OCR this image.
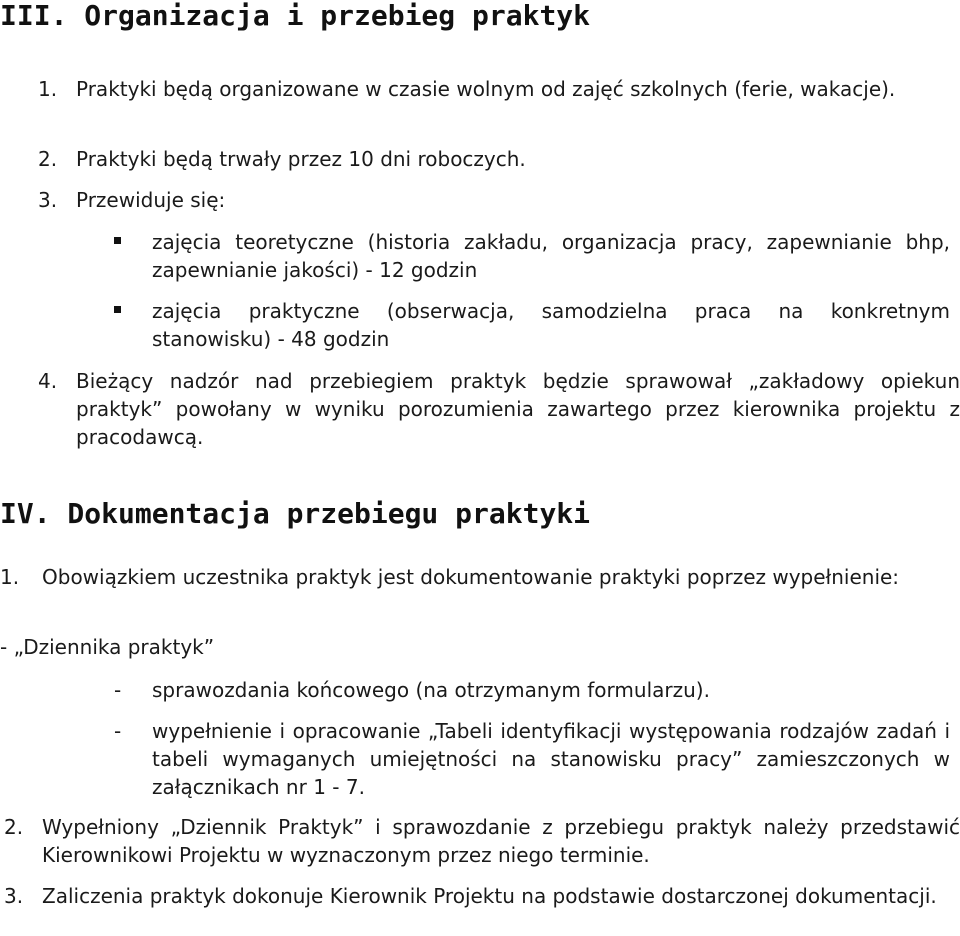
III. Organizacja i przebieg praktyk
1. Praktyki będą organizowane w czasie wolnym od zajęć szkolnych (ferie, wakacje).

2. Praktyki będą trwały przez 10 dni roboczych.

3. Przewiduje się:

zajęcia teoretyczne (historia zakładu, organizacja pracy, zapewnianie bhp, zapewnianie jakości) - 12 godzin

zajęcia praktyczne (obserwacja, samodzielna praca na konkretnym stanowisku) - 48 godzin

4. Bieżący nadzór nad przebiegiem praktyk będzie sprawował „zakładowy opiekun praktyk” powołany w wyniku porozumienia zawartego przez kierownika projektu z pracodawcą.

IV. Dokumentacja przebiegu praktyki
1. Obowiązkiem uczestnika praktyk jest dokumentowanie praktyki poprzez wypełnienie:

- „Dziennika praktyk”

- sprawozdania końcowego (na otrzymanym formularzu).

- wypełnienie i opracowanie „Tabeli identyfikacji występowania rodzajów zadań i tabeli wymaganych umiejętności na stanowisku pracy” zamieszczonych w załącznikach nr 1 - 7.

2. Wypełniony „Dziennik Praktyk” i sprawozdanie z przebiegu praktyk należy przedstawić Kierownikowi Projektu w wyznaczonym przez niego terminie.

3. Zaliczenia praktyk dokonuje Kierownik Projektu na podstawie dostarczonej dokumentacji.
